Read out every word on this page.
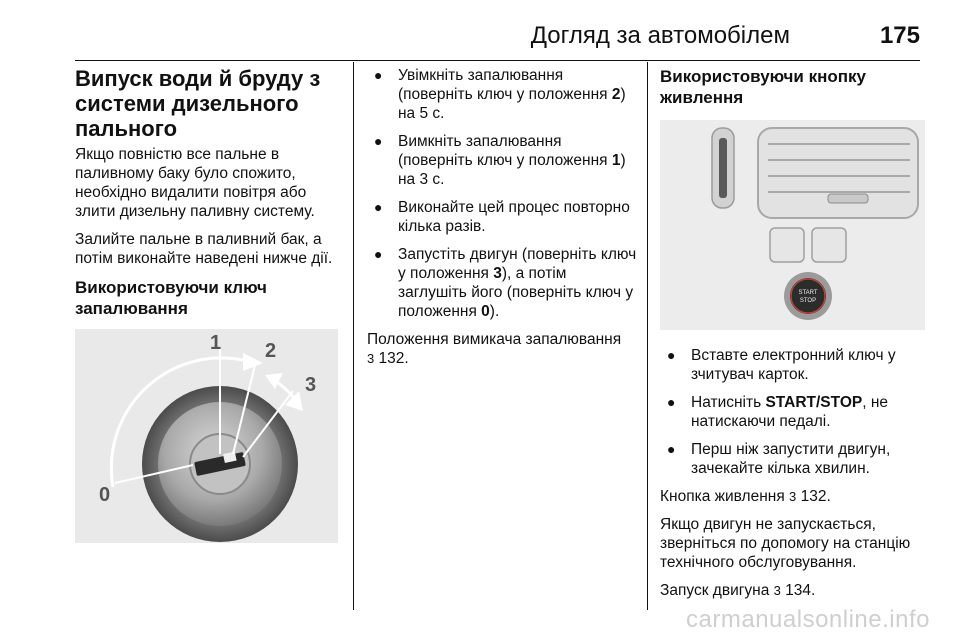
Догляд за автомобілем	175
Випуск води й бруду з системи дизельного пального

Якщо повністю все пальне в паливному баку було спожито, необхідно видалити повітря або злити дизельну паливну систему.

Залийте пальне в паливний бак, а потім виконайте наведені нижче дії.

Використовуючи ключ запалювання
0
1 2
3
● Увімкніть запалювання (поверніть ключ у положення 2) на 5 с.
● Вимкніть запалювання (поверніть ключ у положення 1) на 3 с.
● Виконайте цей процес повторно кілька разів.
● Запустіть двигун (поверніть ключ у положення 3), а потім заглушіть його (поверніть ключ у положення 0).

Положення вимикача запалювання
3 132.

Використовуючи кнопку живлення
START
STOP
● Вставте електронний ключ у зчитувач карток.
● Натисніть START/STOP, не натискаючи педалі.
● Перш ніж запустити двигун, зачекайте кілька хвилин.

Кнопка живлення 3 132.

Якщо двигун не запускається, зверніться по допомогу на станцію технічного обслуговування.

Запуск двигуна 3 134.

carmanualsonline.info
